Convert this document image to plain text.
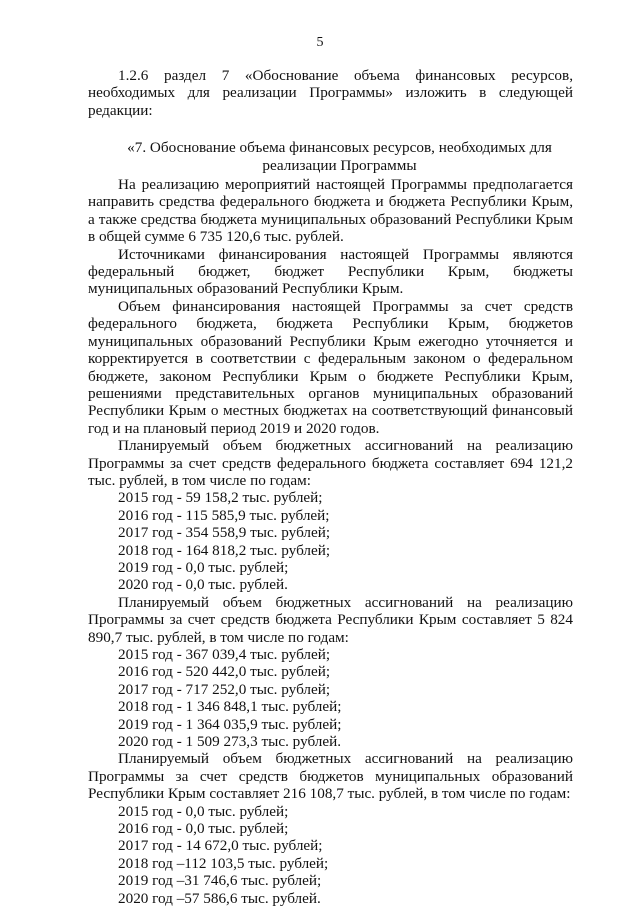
5

1.2.6 раздел 7 «Обоснование объема финансовых ресурсов, необходимых для реализации Программы» изложить в следующей редакции:

«7. Обоснование объема финансовых ресурсов, необходимых для реализации Программы

На реализацию мероприятий настоящей Программы предполагается направить средства федерального бюджета и бюджета Республики Крым, а также средства бюджета муниципальных образований Республики Крым в общей сумме 6 735 120,6 тыс. рублей.

Источниками финансирования настоящей Программы являются федеральный бюджет, бюджет Республики Крым, бюджеты муниципальных образований Республики Крым.

Объем финансирования настоящей Программы за счет средств федерального бюджета, бюджета Республики Крым, бюджетов муниципальных образований Республики Крым ежегодно уточняется и корректируется в соответствии с федеральным законом о федеральном бюджете, законом Республики Крым о бюджете Республики Крым, решениями представительных органов муниципальных образований Республики Крым о местных бюджетах на соответствующий финансовый год и на плановый период 2019 и 2020 годов.

Планируемый объем бюджетных ассигнований на реализацию Программы за счет средств федерального бюджета составляет 694 121,2 тыс. рублей, в том числе по годам:

2015 год - 59 158,2 тыс. рублей;
2016 год - 115 585,9 тыс. рублей;
2017 год - 354 558,9 тыс. рублей;
2018 год - 164 818,2 тыс. рублей;
2019 год - 0,0 тыс. рублей;
2020 год - 0,0 тыс. рублей.

Планируемый объем бюджетных ассигнований на реализацию Программы за счет средств бюджета Республики Крым составляет 5 824 890,7 тыс. рублей, в том числе по годам:

2015 год - 367 039,4 тыс. рублей;
2016 год - 520 442,0 тыс. рублей;
2017 год - 717 252,0 тыс. рублей;
2018 год - 1 346 848,1 тыс. рублей;
2019 год - 1 364 035,9 тыс. рублей;
2020 год - 1 509 273,3 тыс. рублей.

Планируемый объем бюджетных ассигнований на реализацию Программы за счет средств бюджетов муниципальных образований Республики Крым составляет 216 108,7 тыс. рублей, в том числе по годам:

2015 год - 0,0 тыс. рублей;
2016 год - 0,0 тыс. рублей;
2017 год - 14 672,0 тыс. рублей;
2018 год –112 103,5 тыс. рублей;
2019 год –31 746,6 тыс. рублей;
2020 год –57 586,6 тыс. рублей.
